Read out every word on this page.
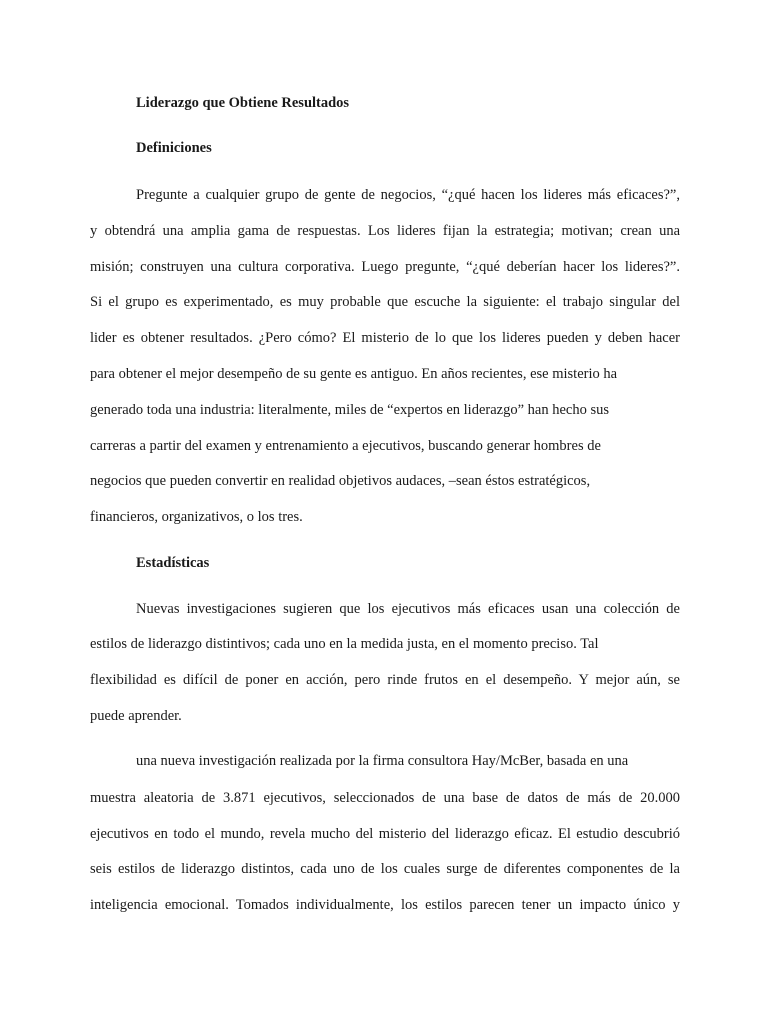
Liderazgo que Obtiene Resultados
Definiciones
Pregunte a cualquier grupo de gente de negocios, “¿qué hacen los lideres más eficaces?”,
y obtendrá una amplia gama de respuestas. Los lideres fijan la estrategia; motivan; crean una
misión; construyen una cultura corporativa. Luego pregunte, “¿qué deberían hacer los lideres?”.
Si el grupo es experimentado, es muy probable que escuche la siguiente: el trabajo singular del
lider es obtener resultados. ¿Pero cómo? El misterio de lo que los lideres pueden y deben hacer
para obtener el mejor desempeño de su gente es antiguo. En años recientes, ese misterio ha
generado toda una industria: literalmente, miles de “expertos en liderazgo” han hecho sus
carreras a partir del examen y entrenamiento a ejecutivos, buscando generar hombres de
negocios que pueden convertir en realidad objetivos audaces, –sean éstos estratégicos,
financieros, organizativos, o los tres.
Estadísticas
Nuevas investigaciones sugieren que los ejecutivos más eficaces usan una colección de
estilos de liderazgo distintivos; cada uno en la medida justa, en el momento preciso. Tal
flexibilidad es difícil de poner en acción, pero rinde frutos en el desempeño. Y mejor aún, se
puede aprender.
una nueva investigación realizada por la firma consultora Hay/McBer, basada en una
muestra aleatoria de 3.871 ejecutivos, seleccionados de una base de datos de más de 20.000
ejecutivos en todo el mundo, revela mucho del misterio del liderazgo eficaz. El estudio descubrió
seis estilos de liderazgo distintos, cada uno de los cuales surge de diferentes componentes de la
inteligencia emocional. Tomados individualmente, los estilos parecen tener un impacto único y
